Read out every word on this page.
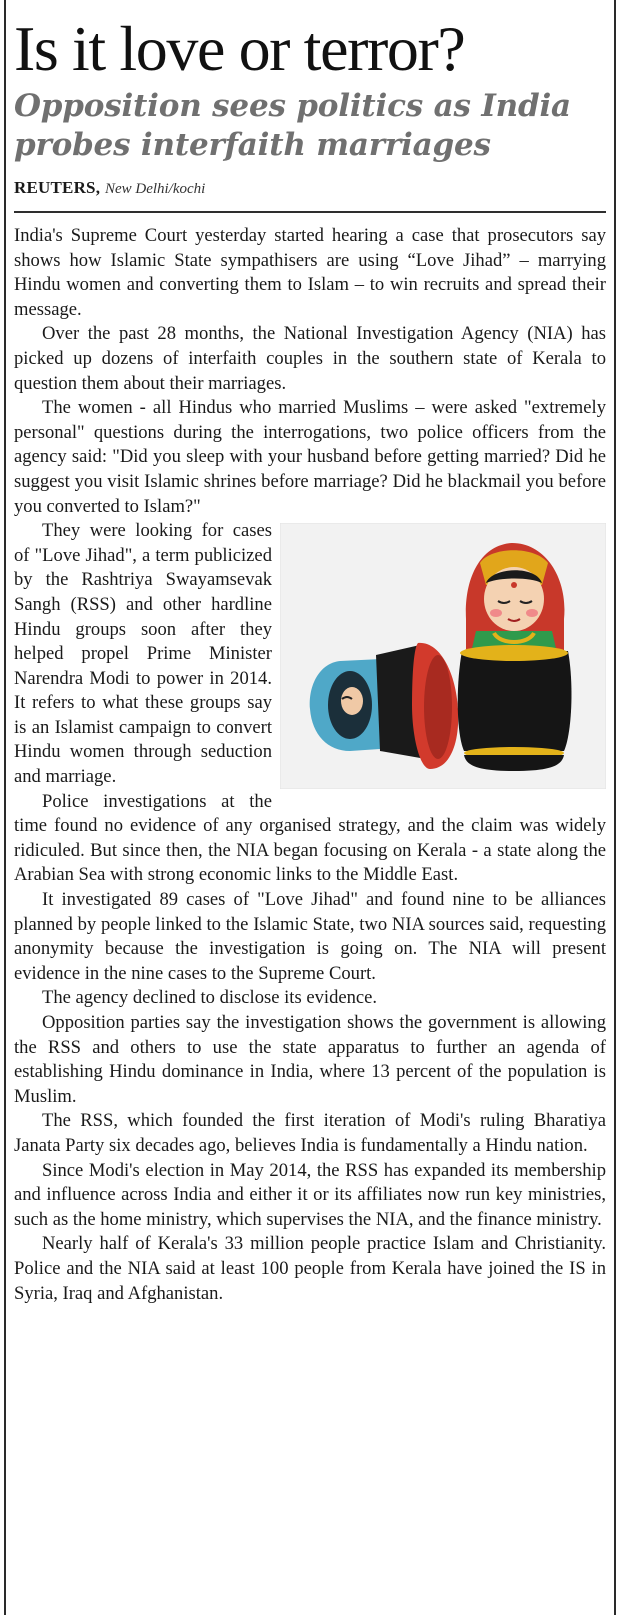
Is it love or terror?
Opposition sees politics as India probes interfaith marriages
REUTERS, New Delhi/kochi

India's Supreme Court yesterday started hearing a case that prosecutors say shows how Islamic State sympathisers are using “Love Jihad” – marrying Hindu women and converting them to Islam – to win recruits and spread their message.

Over the past 28 months, the National Investigation Agency (NIA) has picked up dozens of interfaith couples in the southern state of Kerala to question them about their marriages.

The women - all Hindus who married Muslims – were asked "extremely personal" questions during the interrogations, two police officers from the agency said: "Did you sleep with your husband before getting married? Did he suggest you visit Islamic shrines before marriage? Did he blackmail you before you converted to Islam?"

They were looking for cases of "Love Jihad", a term publicized by the Rashtriya Swayamsevak Sangh (RSS) and other hardline Hindu groups soon after they helped propel Prime Minister Narendra Modi to power in 2014. It refers to what these groups say is an Islamist campaign to convert Hindu women through seduction and marriage.

Police investigations at the time found no evidence of any organised strategy, and the claim was widely ridiculed. But since then, the NIA began focusing on Kerala - a state along the Arabian Sea with strong economic links to the Middle East.

It investigated 89 cases of "Love Jihad" and found nine to be alliances planned by people linked to the Islamic State, two NIA sources said, requesting anonymity because the investigation is going on. The NIA will present evidence in the nine cases to the Supreme Court.

The agency declined to disclose its evidence.

Opposition parties say the investigation shows the government is allowing the RSS and others to use the state apparatus to further an agenda of establishing Hindu dominance in India, where 13 percent of the population is Muslim.

The RSS, which founded the first iteration of Modi's ruling Bharatiya Janata Party six decades ago, believes India is fundamentally a Hindu nation.

Since Modi's election in May 2014, the RSS has expanded its membership and influence across India and either it or its affiliates now run key ministries, such as the home ministry, which supervises the NIA, and the finance ministry.

Nearly half of Kerala's 33 million people practice Islam and Christianity. Police and the NIA said at least 100 people from Kerala have joined the IS in Syria, Iraq and Afghanistan.
